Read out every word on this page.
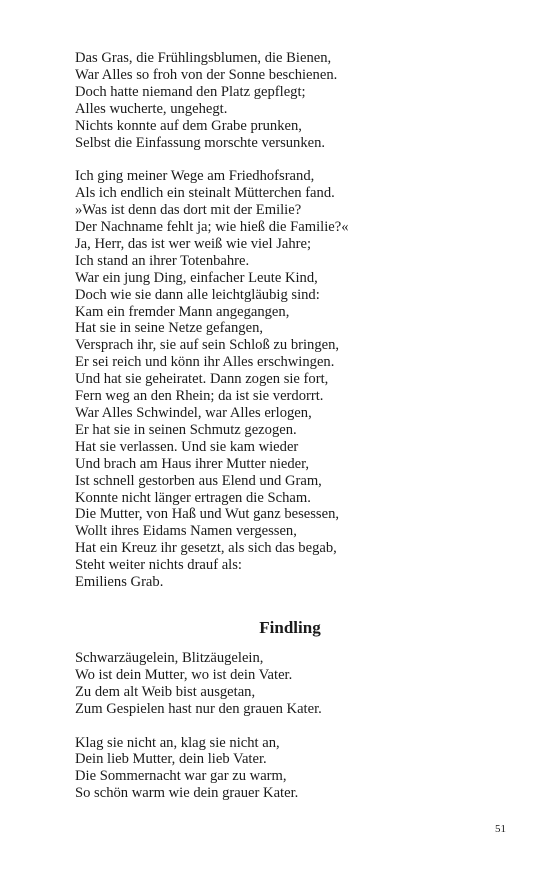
Das Gras, die Frühlingsblumen, die Bienen,
War Alles so froh von der Sonne beschienen.
Doch hatte niemand den Platz gepflegt;
Alles wucherte, ungehegt.
Nichts konnte auf dem Grabe prunken,
Selbst die Einfassung morschte versunken.
Ich ging meiner Wege am Friedhofsrand,
Als ich endlich ein steinalt Mütterchen fand.
»Was ist denn das dort mit der Emilie?
Der Nachname fehlt ja; wie hieß die Familie?«
Ja, Herr, das ist wer weiß wie viel Jahre;
Ich stand an ihrer Totenbahre.
War ein jung Ding, einfacher Leute Kind,
Doch wie sie dann alle leichtgläubig sind:
Kam ein fremder Mann angegangen,
Hat sie in seine Netze gefangen,
Versprach ihr, sie auf sein Schloß zu bringen,
Er sei reich und könn ihr Alles erschwingen.
Und hat sie geheiratet. Dann zogen sie fort,
Fern weg an den Rhein; da ist sie verdorrt.
War Alles Schwindel, war Alles erlogen,
Er hat sie in seinen Schmutz gezogen.
Hat sie verlassen. Und sie kam wieder
Und brach am Haus ihrer Mutter nieder,
Ist schnell gestorben aus Elend und Gram,
Konnte nicht länger ertragen die Scham.
Die Mutter, von Haß und Wut ganz besessen,
Wollt ihres Eidams Namen vergessen,
Hat ein Kreuz ihr gesetzt, als sich das begab,
Steht weiter nichts drauf als:
Emiliens Grab.
Findling
Schwarzäugelein, Blitzäugelein,
Wo ist dein Mutter, wo ist dein Vater.
Zu dem alt Weib bist ausgetan,
Zum Gespielen hast nur den grauen Kater.
Klag sie nicht an, klag sie nicht an,
Dein lieb Mutter, dein lieb Vater.
Die Sommernacht war gar zu warm,
So schön warm wie dein grauer Kater.
51
